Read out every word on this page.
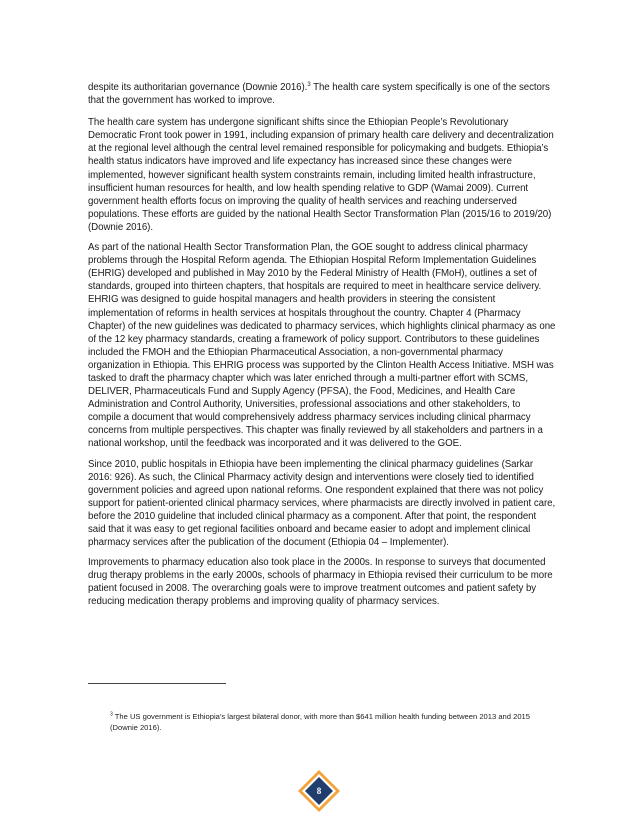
despite its authoritarian governance (Downie 2016).$^3$ The health care system specifically is one of the sectors that the government has worked to improve.

The health care system has undergone significant shifts since the Ethiopian People’s Revolutionary Democratic Front took power in 1991, including expansion of primary health care delivery and decentralization at the regional level although the central level remained responsible for policymaking and budgets. Ethiopia’s health status indicators have improved and life expectancy has increased since these changes were implemented, however significant health system constraints remain, including limited health infrastructure, insufficient human resources for health, and low health spending relative to GDP (Wamai 2009). Current government health efforts focus on improving the quality of health services and reaching underserved populations. These efforts are guided by the national Health Sector Transformation Plan (2015/16 to 2019/20) (Downie 2016).

As part of the national Health Sector Transformation Plan, the GOE sought to address clinical pharmacy problems through the Hospital Reform agenda. The Ethiopian Hospital Reform Implementation Guidelines (EHRIG) developed and published in May 2010 by the Federal Ministry of Health (FMoH), outlines a set of standards, grouped into thirteen chapters, that hospitals are required to meet in healthcare service delivery. EHRIG was designed to guide hospital managers and health providers in steering the consistent implementation of reforms in health services at hospitals throughout the country. Chapter 4 (Pharmacy Chapter) of the new guidelines was dedicated to pharmacy services, which highlights clinical pharmacy as one of the 12 key pharmacy standards, creating a framework of policy support. Contributors to these guidelines included the FMOH and the Ethiopian Pharmaceutical Association, a non-governmental pharmacy organization in Ethiopia. This EHRIG process was supported by the Clinton Health Access Initiative. MSH was tasked to draft the pharmacy chapter which was later enriched through a multi-partner effort with SCMS, DELIVER, Pharmaceuticals Fund and Supply Agency (PFSA), the Food, Medicines, and Health Care Administration and Control Authority, Universities, professional associations and other stakeholders, to compile a document that would comprehensively address pharmacy services including clinical pharmacy concerns from multiple perspectives. This chapter was finally reviewed by all stakeholders and partners in a national workshop, until the feedback was incorporated and it was delivered to the GOE.

Since 2010, public hospitals in Ethiopia have been implementing the clinical pharmacy guidelines (Sarkar 2016: 926). As such, the Clinical Pharmacy activity design and interventions were closely tied to identified government policies and agreed upon national reforms. One respondent explained that there was not policy support for patient-oriented clinical pharmacy services, where pharmacists are directly involved in patient care, before the 2010 guideline that included clinical pharmacy as a component. After that point, the respondent said that it was easy to get regional facilities onboard and became easier to adopt and implement clinical pharmacy services after the publication of the document (Ethiopia 04 – Implementer).

Improvements to pharmacy education also took place in the 2000s. In response to surveys that documented drug therapy problems in the early 2000s, schools of pharmacy in Ethiopia revised their curriculum to be more patient focused in 2008. The overarching goals were to improve treatment outcomes and patient safety by reducing medication therapy problems and improving quality of pharmacy services.

$^3$ The US government is Ethiopia’s largest bilateral donor, with more than $641 million health funding between 2013 and 2015 (Downie 2016).
8
